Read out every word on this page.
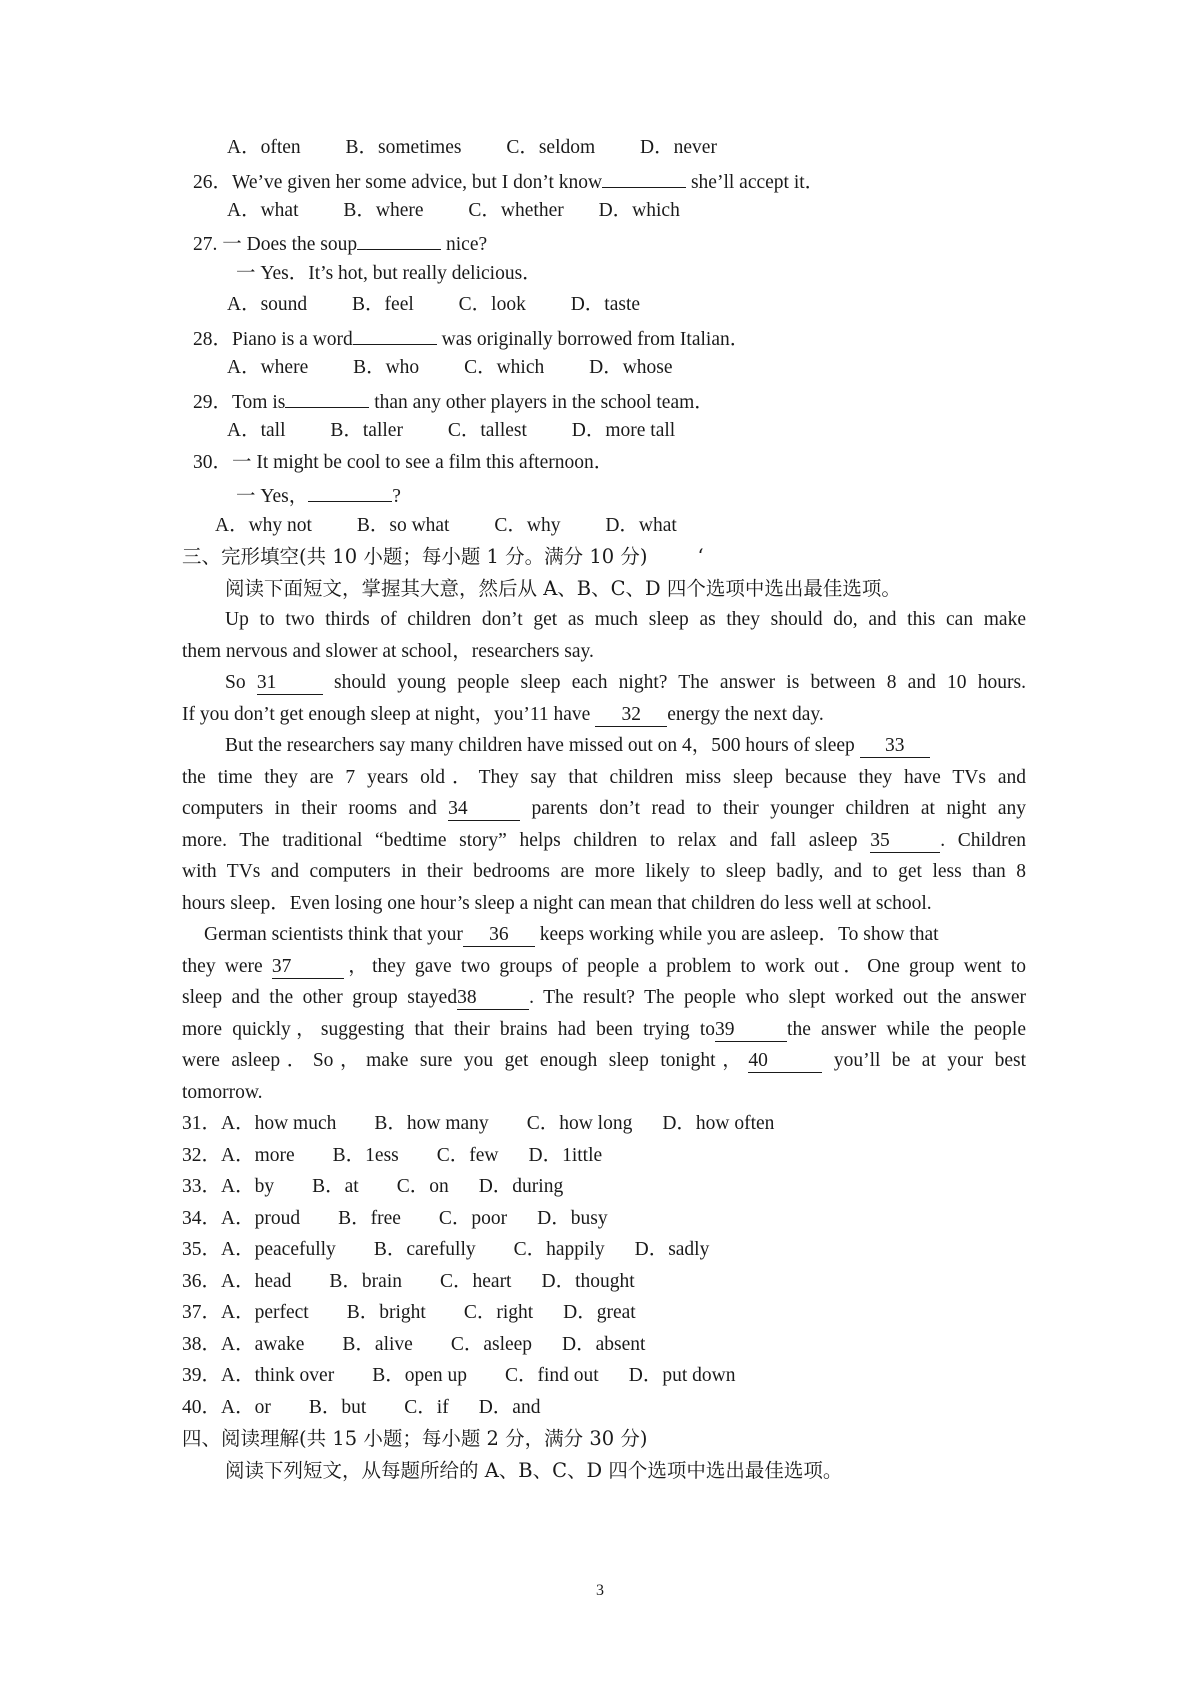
A．often B．sometimes C．seldom D．never
26．We’ve given her some advice, but I don’t know	she’ll accept it．
A．what B．where C．whether D．which
27. 一 Does the soup	nice?
一 Yes．It’s hot, but really delicious．
A．sound B．feel C．look D．taste
28．Piano is a word	was originally borrowed from Italian．
A．where B．who C．which D．whose
29．Tom is	than any other players in the school team．
A．tall B．taller C．tallest D．more tall
30．一 It might be cool to see a film this afternoon．
一 Yes，	?
A．why not B．so what C．why D．what
三、完形填空(共 10 小题；每小题 1 分。满分 10 分)	‘
阅读下面短文，掌握其大意，然后从 A、B、C、D 四个选项中选出最佳选项。
Up to two thirds of children don’t get as much sleep as they should do, and this can make
them nervous and slower at school，researchers say.
So 31 should young people sleep each night? The answer is between 8 and 10 hours.
If you don’t get enough sleep at night，you’11 have 32 energy the next day.
But the researchers say many children have missed out on 4，500 hours of sleep 33
the time they are 7 years old．They say that children miss sleep because they have TVs and
computers in their rooms and 34	parents don’t read to their younger children at night any
more. The traditional “bedtime story” helps children to relax and fall asleep 35	. Children
with TVs and computers in their bedrooms are more likely to sleep badly, and to get less than 8
hours sleep．Even losing one hour’s sleep a night can mean that children do less well at school.
German scientists think that your 36 keeps working while you are asleep．To show that
they were 37	，they gave two groups of people a problem to work out．One group went to
sleep and the other group stayed38	. The result? The people who slept worked out the answer
more quickly，suggesting that their brains had been trying to39	the answer while the people
were asleep．So，make sure you get enough sleep tonight，40	you’ll be at your best
tomorrow.
31．A．how much B．how many C．how long D．how often
32．A．more B．1ess C．few D．1ittle
33．A．by B．at C．on D．during
34．A．proud B．free C．poor D．busy
35．A．peacefully B．carefully C．happily D．sadly
36．A．head B．brain C．heart D．thought
37．A．perfect B．bright C．right D．great
38．A．awake B．alive C．asleep D．absent
39．A．think over B．open up C．find out D．put down
40．A．or B．but C．if D．and
四、阅读理解(共 15 小题；每小题 2 分，满分 30 分)
阅读下列短文，从每题所给的 A、B、C、D 四个选项中选出最佳选项。
3
